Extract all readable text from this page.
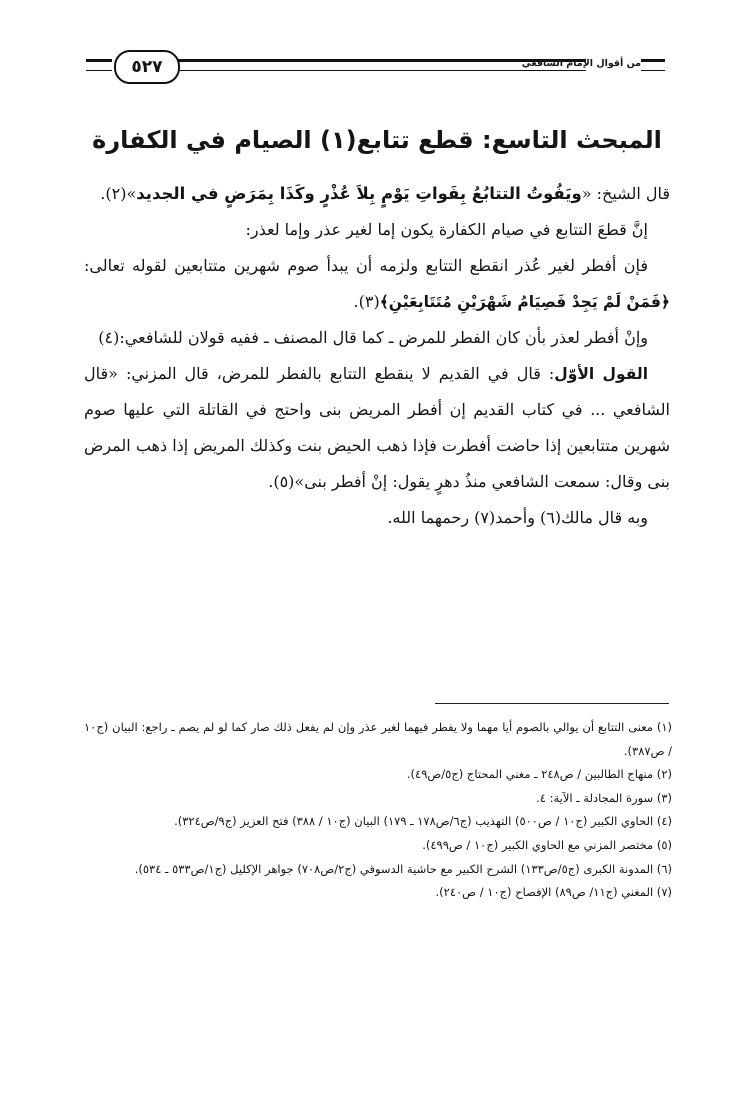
٥٢٧	من أقوال الإمام الشافعي
المبحث التاسع: قطع تتابع(١) الصيام في الكفارة

قال الشيخ: «ويَفُوتُ التتابُعُ بِفَواتِ يَوْمٍ بِلاَ عُذْرٍ وكَذَا بِمَرَضٍ في الجديد»(٢).

إنَّ قطعَ التتابع في صيام الكفارة يكون إما لغير عذر وإما لعذر:

فإن أفطر لغير عُذر انقطع التتابع ولزمه أن يبدأ صوم شهرين متتابعين لقوله تعالى: ﴿فَمَنْ لَمْ يَجِدْ فَصِيَامُ شَهْرَيْنِ مُتَتَابِعَيْنِ﴾(٣).

وإنْ أفطر لعذر بأن كان الفطر للمرض ـ كما قال المصنف ـ ففيه قولان للشافعي:(٤)

القول الأوّل: قال في القديم لا ينقطع التتابع بالفطر للمرض، قال المزني: «قال الشافعي ... في كتاب القديم إن أفطر المريض بنى واحتج في القاتلة التي عليها صوم شهرين متتابعين إذا حاضت أفطرت فإذا ذهب الحيض بنت وكذلك المريض إذا ذهب المرض بنى وقال: سمعت الشافعي منذُ دهرٍ يقول: إنْ أفطر بنى»(٥).

وبه قال مالك(٦) وأحمد(٧) رحمهما الله.

(١) معنى التتابع أن يوالي بالصوم أيا مهما ولا يفطر فيهما لغير عذر وإن لم يفعل ذلك صار كما لو لم يصم ـ راجع: البيان (ج١٠ / ص٣٨٧).

(٢) منهاج الطالبين / ص٢٤٨ ـ مغني المحتاج (ج٥/ص٤٩).

(٣) سورة المجادلة ـ الآية: ٤.

(٤) الحاوي الكبير (ج١٠ / ص٥٠٠) التهذيب (ج٦/ص١٧٨ ـ ١٧٩) البيان (ج١٠ / ٣٨٨) فتح العزيز (ج٩/ص٣٢٤).

(٥) مختصر المزني مع الحاوي الكبير (ج١٠ / ص٤٩٩).

(٦) المدونة الكبرى (ج٥/ص١٣٣) الشرح الكبير مع حاشية الدسوقي (ج٢/ص٧٠٨) جواهر الإكليل (ج١/ص٥٣٣ ـ ٥٣٤).

(٧) المغني (ج١١/ ص٨٩) الإفصاح (ج١٠ / ص٢٤٠).
